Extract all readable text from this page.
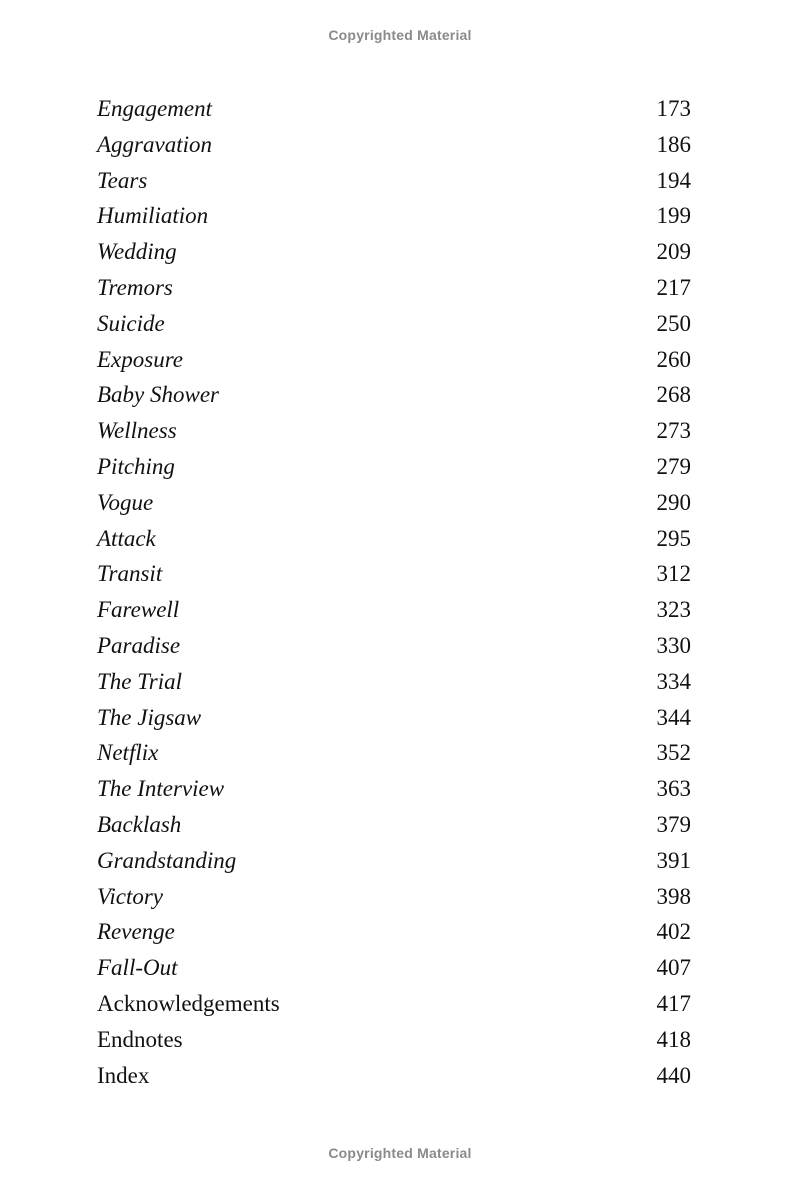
Copyrighted Material
Engagement	173
Aggravation	186
Tears	194
Humiliation	199
Wedding	209
Tremors	217
Suicide	250
Exposure	260
Baby Shower	268
Wellness	273
Pitching	279
Vogue	290
Attack	295
Transit	312
Farewell	323
Paradise	330
The Trial	334
The Jigsaw	344
Netflix	352
The Interview	363
Backlash	379
Grandstanding	391
Victory	398
Revenge	402
Fall-Out	407
Acknowledgements	417
Endnotes	418
Index	440
Copyrighted Material
